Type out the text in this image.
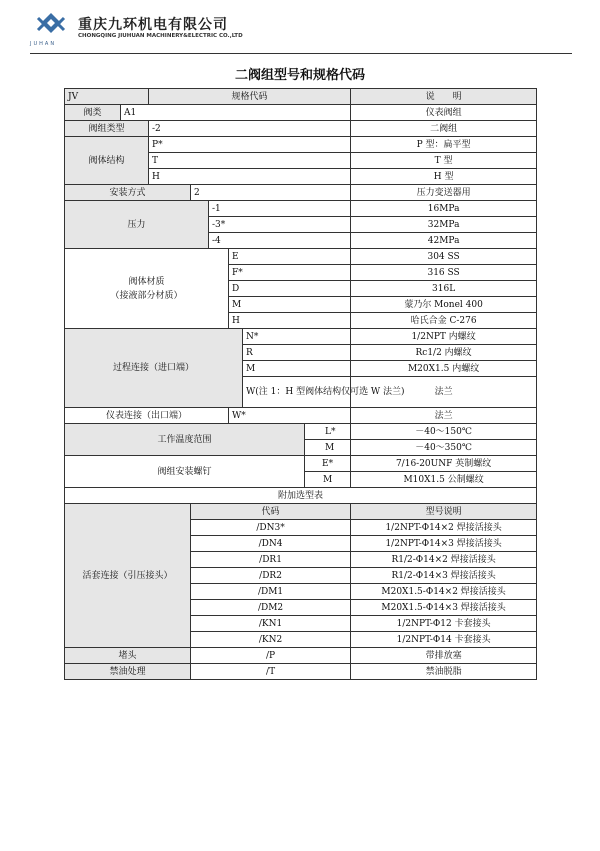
JUHAN
重庆九环机电有限公司
CHONGQING JIUHUAN MACHINERY&ELECTRIC CO.,LTD
二阀组型号和规格代码
JV		规格代码						说　　明
阀类	A1							仪表阀组
阀组类型		-2						二阀组
阀体结构		P*						P 型：扁平型
		T						T 型
		H						H 型
安装方式			2					压力变送器用
压力				-1				16MPa
				-3*				32MPa
				-4				42MPa

阀体材质
（接液部分材质）					E			304 SS
					F*			316 SS
					D			316L
					M			蒙乃尔 Monel 400
					H			哈氏合金 C-276
过程连接（进口端）						N*		1/2NPT 内螺纹
						R		Rc1/2 内螺纹
						M		M20X1.5 内螺纹
						W(注 1：H 型阀体结构仅可选 W 法兰)		法兰
仪表连接（出口端）					W*			法兰
工作温度范围							L*	－40～150℃
							M	－40～350℃
阀组安装螺钉							E*	7/16-20UNF 英制螺纹
							M	M10X1.5 公制螺纹
附加选型表								
活套连接（引压接头）			代码					型号说明
			/DN3*					1/2NPT-Φ14×2 焊接活接头
			/DN4					1/2NPT-Φ14×3 焊接活接头
			/DR1					R1/2-Φ14×2 焊接活接头
			/DR2					R1/2-Φ14×3 焊接活接头
			/DM1					M20X1.5-Φ14×2 焊接活接头
			/DM2					M20X1.5-Φ14×3 焊接活接头
			/KN1					1/2NPT-Φ12 卡套接头
			/KN2					1/2NPT-Φ14 卡套接头
堵头			/P					带排放塞
禁油处理			/T					禁油脱脂
